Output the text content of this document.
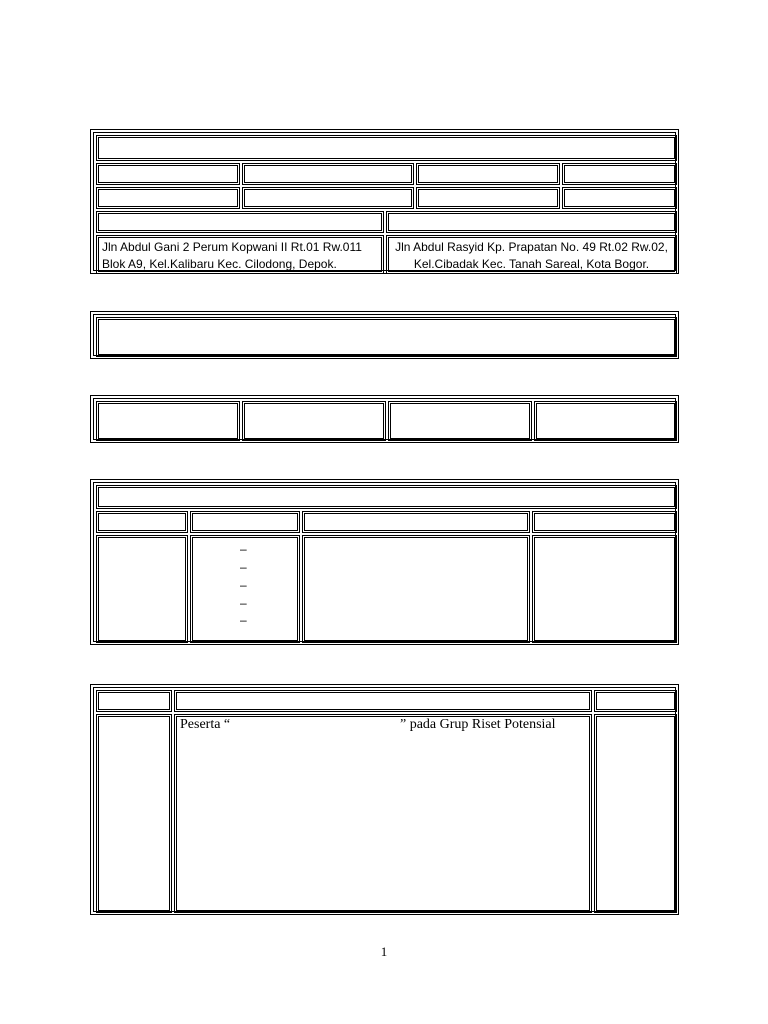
Jln Abdul Gani 2 Perum Kopwani II Rt.01 Rw.011
Blok A9, Kel.Kalibaru Kec. Cilodong, Depok.
Jln Abdul Rasyid Kp. Prapatan No. 49 Rt.02 Rw.02,
Kel.Cibadak Kec. Tanah Sareal, Kota Bogor.
–
–
–
–
–
Peserta “	” pada Grup Riset Potensial
1
